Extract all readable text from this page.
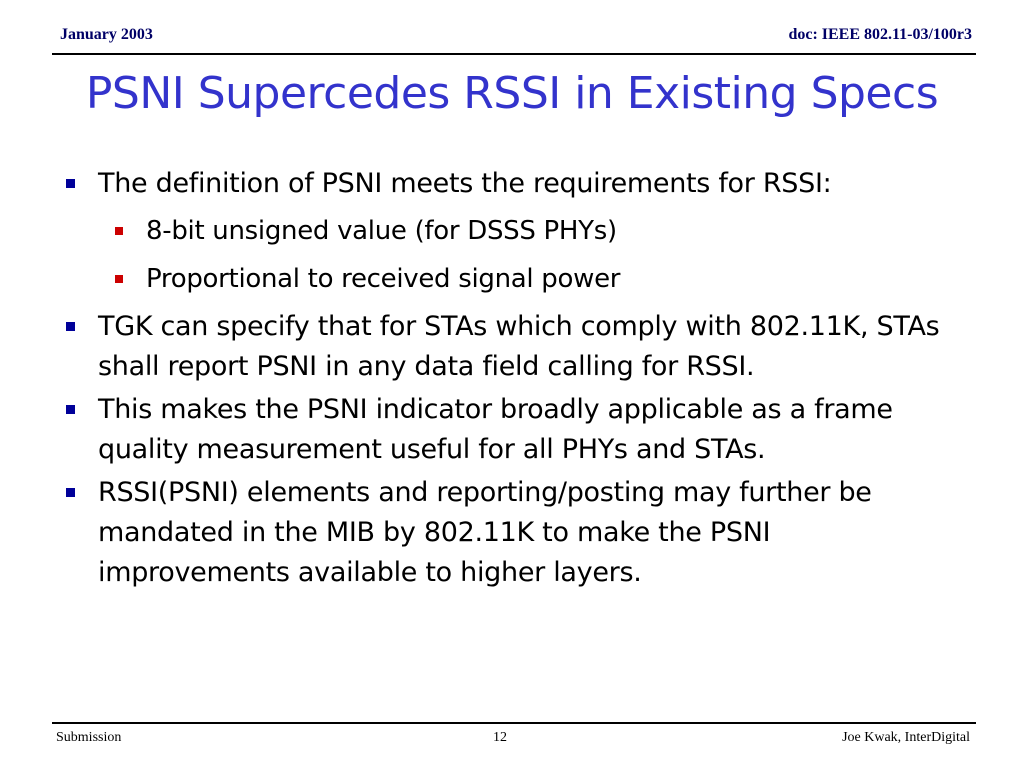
January 2003	doc: IEEE 802.11-03/100r3
PSNI Supercedes RSSI in Existing Specs
The definition of PSNI meets the requirements for RSSI:
8-bit unsigned value (for DSSS PHYs)
Proportional to received signal power
TGK can specify that for STAs which comply with 802.11K, STAs shall report PSNI in any data field calling for RSSI.
This makes the PSNI indicator broadly applicable as a frame quality measurement useful for all PHYs and STAs.
RSSI(PSNI) elements and reporting/posting may further be mandated in the MIB by 802.11K to make the PSNI improvements available to higher layers.
Submission	12	Joe Kwak, InterDigital
